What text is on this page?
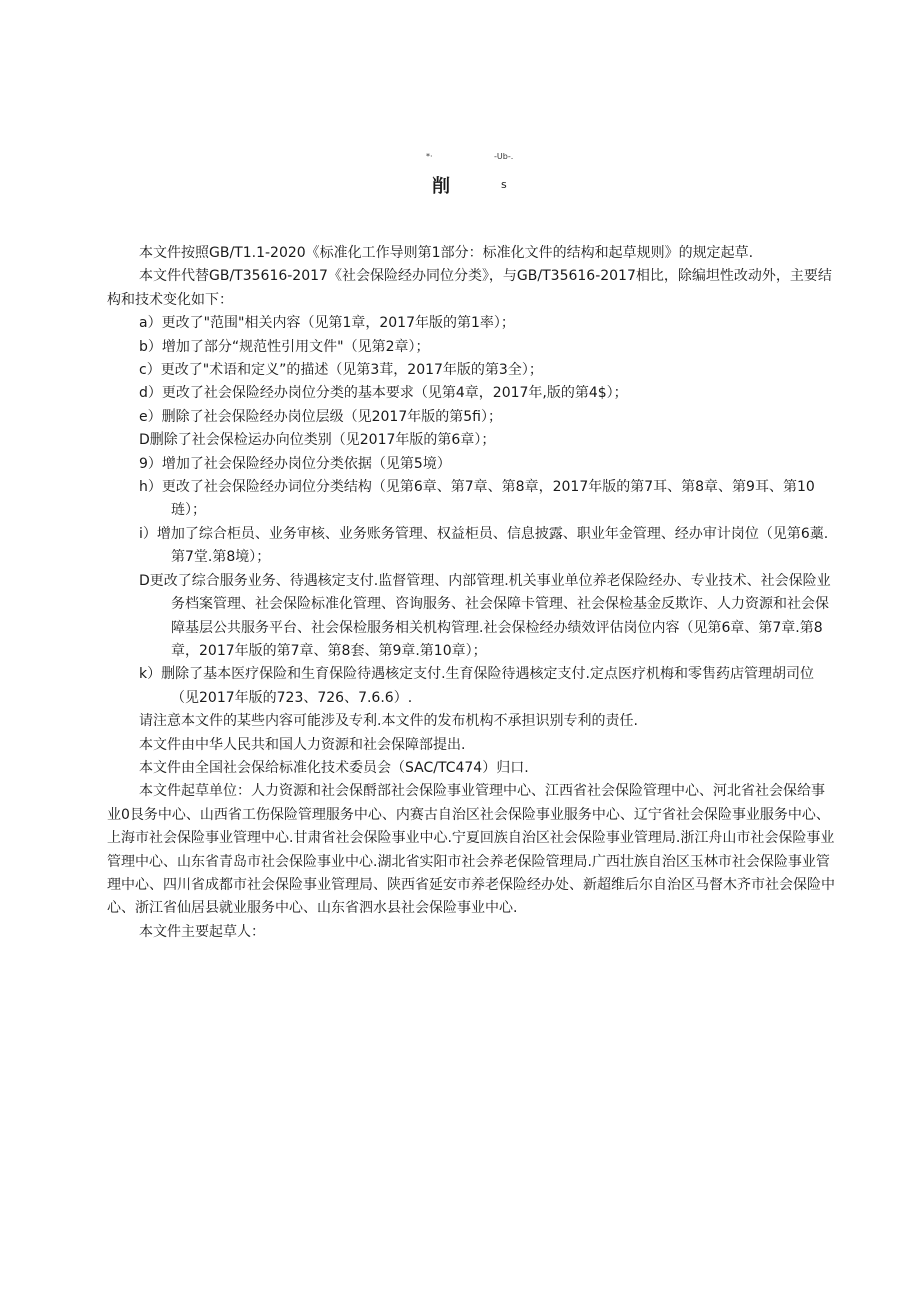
*·	-Ub-.
削	s

本文件按照GB/T1.1-2020《标准化工作导则第1部分：标准化文件的结构和起草规则》的规定起草.

本文件代替GB/T35616-2017《社会保险经办同位分类》，与GB/T35616-2017相比，除编坦性改动外，主要结构和技术变化如下：

a）更改了"范围"相关内容（见第1章，2017年版的第1率）；
b）增加了部分“规范性引用文件"（见第2章）；
c）更改了"术语和定义”的描述（见第3茸，2017年版的第3全）；
d）更改了社会保险经办岗位分类的基本要求（见第4章，2017年,版的第4$）；
e）删除了社会保险经办岗位层级（见2017年版的第5fi）；
D删除了社会保检运办向位类别（见2017年版的第6章）；
9）增加了社会保险经办岗位分类依据（见第5境）
h）更改了社会保险经办词位分类结构（见第6章、第7章、第8章，2017年版的第7耳、第8章、第9耳、第10琏）；
i）增加了综合柜员、业务审核、业务账务管理、权益柜员、信息披露、职业年金管理、经办审计岗位（见第6藁.第7堂.第8境）；
D更改了综合服务业务、待遇核定支付.监督管理、内部管理.机关事业单位养老保险经办、专业技术、社会保险业务档案管理、社会保险标准化管理、咨询服务、社会保障卡管理、社会保检基金反欺诈、人力资源和社会保障基层公共服务平台、社会保检服务相关机构管理.社会保检经办绩效评估岗位内容（见第6章、第7章.第8章，2017年版的第7章、第8套、第9章.第10章）；
k）删除了基本医疗保险和生育保险待遇核定支付.生育保险待遇核定支付.定点医疗机梅和零售药店管理胡司位（见2017年版的723、726、7.6.6）.

请注意本文件的某些内容可能涉及专利.本文件的发布机构不承担识别专利的责任.

本文件由中华人民共和国人力资源和社会保障部提出.

本文件由全国社会保给标准化技术委员会（SAC/TC474）归口.

本文件起草单位：人力资源和社会保酹部社会保险事业管理中心、江西省社会保险管理中心、河北省社会保给事业0艮务中心、山西省工伤保险管理服务中心、内赛古自治区社会保险事业服务中心、辽宁省社会保险事业服务中心、上海市社会保险事业管理中心.甘肃省社会保险事业中心.宁夏回族自治区社会保险事业管理局.浙江舟山市社会保险事业管理中心、山东省青岛市社会保险事业中心.湖北省实阳市社会养老保险管理局.广西壮族自治区玉林市社会保险事业管理中心、四川省成都市社会保险事业管理局、陕西省延安市养老保险经办处、新超维后尔自治区马督木齐市社会保险中心、浙江省仙居县就业服务中心、山东省泗水县社会保险事业中心.

本文件主要起草人：
